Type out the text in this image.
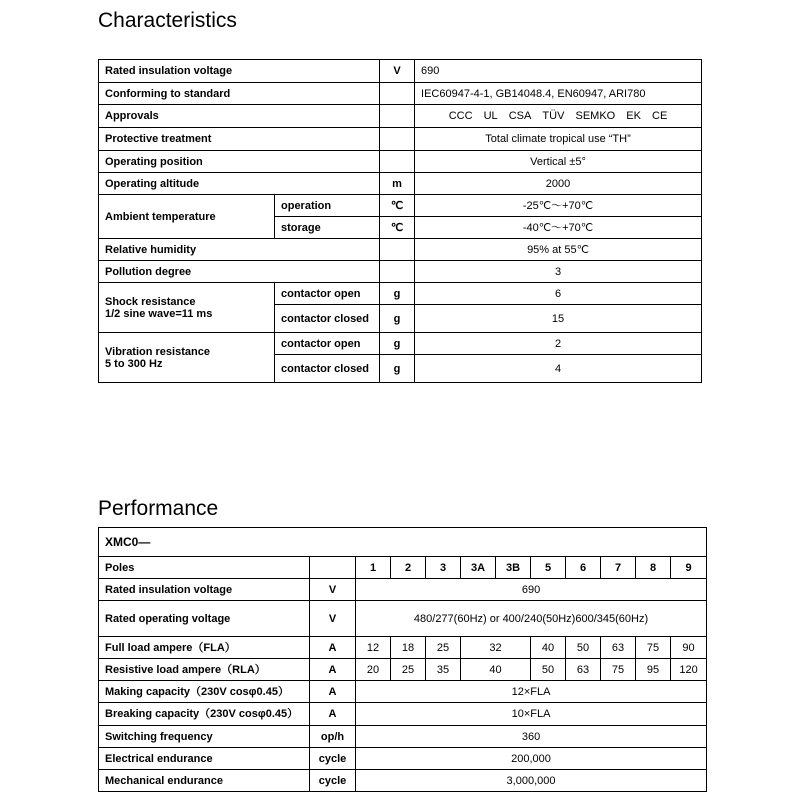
Characteristics
Rated insulation voltage		V	690
Conforming to standard			IEC60947-4-1, GB14048.4, EN60947, ARI780
Approvals			CCC UL CSA TÜV SEMKO EK CE
Protective treatment			Total climate tropical use “TH”
Operating position			Vertical ±5°
Operating altitude		m	2000
Ambient temperature	operation	℃	-25℃～+70℃
	storage	℃	-40℃～+70℃
Relative humidity			95% at 55℃
Pollution degree			3

Shock resistance
1/2 sine wave=11 ms	contactor open	g	6
	contactor closed	g	15

Vibration resistance
5 to 300 Hz	contactor open	g	2
	contactor closed	g	4
Performance
XMC0—											
Poles		1	2	3	3A	3B	5	6	7	8	9
Rated insulation voltage	V	690									
Rated operating voltage	V	480/277(60Hz) or 400/240(50Hz)600/345(60Hz)									
Full load ampere（FLA）	A	12	18	25	32		40	50	63	75	90
Resistive load ampere（RLA）	A	20	25	35	40		50	63	75	95	120
Making capacity（230V cosφ0.45）	A	12×FLA									
Breaking capacity（230V cosφ0.45）	A	10×FLA									
Switching frequency	op/h	360									
Electrical endurance	cycle	200,000									
Mechanical endurance	cycle	3,000,000									
